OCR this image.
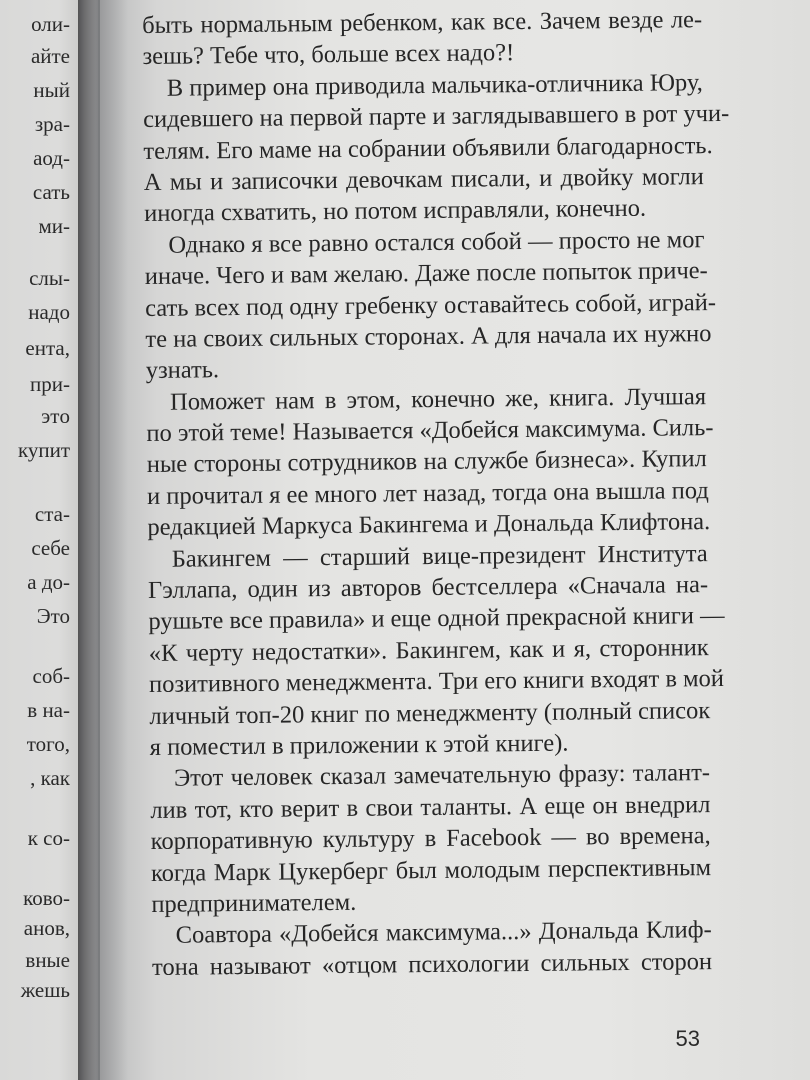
оли-
айте
ный
зра-
аод-
сать
ми-
слы-
надо
ента,
при-
этo
купит
ста-
себе
а до-
Это
соб-
в на-
того,
, как
к со-
ково-
анов,
вные
жешь
быть нормальным ребенком, как все. Зачем везде ле-
зешь? Тебе что, больше всех надо?!
В пример она приводила мальчика-отличника Юру,
сидевшего на первой парте и заглядывавшего в рот учи-
телям. Его маме на собрании объявили благодарность.
А мы и записочки девочкам писали, и двойку могли
иногда схватить, но потом исправляли, конечно.
Однако я все равно остался собой — просто не мог
иначе. Чего и вам желаю. Даже после попыток приче-
сать всех под одну гребенку оставайтесь собой, играй-
те на своих сильных сторонах. А для начала их нужно
узнать.
Поможет нам в этом, конечно же, книга. Лучшая
по этой теме! Называется «Добейся максимума. Силь-
ные стороны сотрудников на службе бизнеса». Купил
и прочитал я ее много лет назад, тогда она вышла под
редакцией Маркуса Бакингема и Дональда Клифтона.
Бакингем — старший вице-президент Института
Гэллапа, один из авторов бестселлера «Сначала на-
рушьте все правила» и еще одной прекрасной книги —
«К черту недостатки». Бакингем, как и я, сторонник
позитивного менеджмента. Три его книги входят в мой
личный топ-20 книг по менеджменту (полный список
я поместил в приложении к этой книге).
Этот человек сказал замечательную фразу: талант-
лив тот, кто верит в свои таланты. А еще он внедрил
корпоративную культуру в Facebook — во времена,
когда Марк Цукерберг был молодым перспективным
предпринимателем.
Соавтора «Добейся максимума...» Дональда Клиф-
тона называют «отцом психологии сильных сторон
53
